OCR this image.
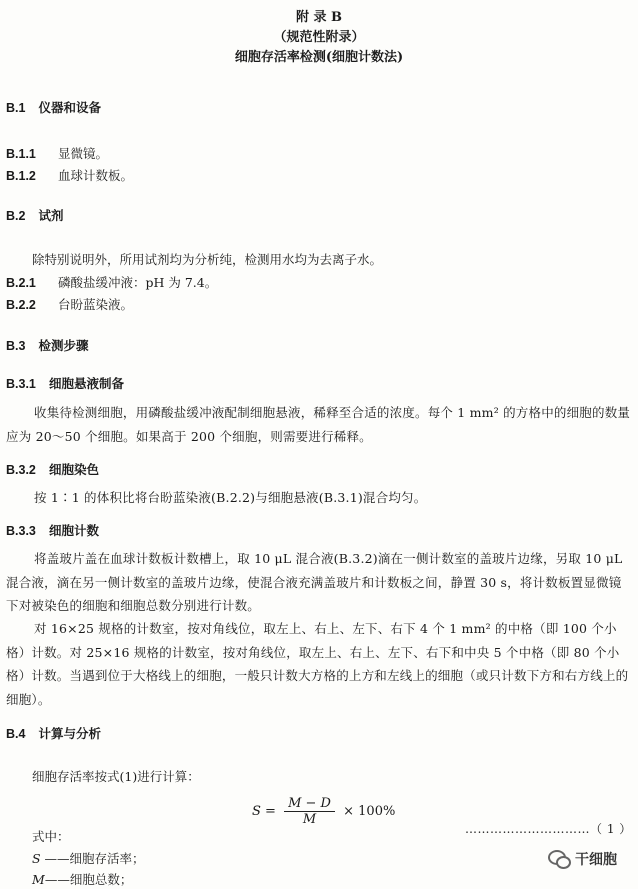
附 录 B
（规范性附录）
细胞存活率检测(细胞计数法)
B.1 仪器和设备
B.1.1 显微镜。
B.1.2 血球计数板。
B.2 试剂
除特别说明外，所用试剂均为分析纯，检测用水均为去离子水。
B.2.1 磷酸盐缓冲液：pH 为 7.4。
B.2.2 台盼蓝染液。
B.3 检测步骤
B.3.1 细胞悬液制备
收集待检测细胞，用磷酸盐缓冲液配制细胞悬液，稀释至合适的浓度。每个 1 mm² 的方格中的细胞的数量应为 20～50 个细胞。如果高于 200 个细胞，则需要进行稀释。
B.3.2 细胞染色
按 1∶1 的体积比将台盼蓝染液(B.2.2)与细胞悬液(B.3.1)混合均匀。
B.3.3 细胞计数
将盖玻片盖在血球计数板计数槽上，取 10 μL 混合液(B.3.2)滴在一侧计数室的盖玻片边缘，另取 10 μL 混合液，滴在另一侧计数室的盖玻片边缘，使混合液充满盖玻片和计数板之间，静置 30 s，将计数板置显微镜下对被染色的细胞和细胞总数分别进行计数。
对 16×25 规格的计数室，按对角线位，取左上、右上、左下、右下 4 个 1 mm² 的中格（即 100 个小格）计数。对 25×16 规格的计数室，按对角线位，取左上、右上、左下、右下和中央 5 个中格（即 80 个小格）计数。当遇到位于大格线上的细胞，一般只计数大方格的上方和左线上的细胞（或只计数下方和右方线上的细胞）。
B.4 计算与分析
细胞存活率按式(1)进行计算：
$S = \frac{M - D}{M} \times 100\%$
…………………………（ 1 ）
式中：
S ——细胞存活率；
M——细胞总数；
干细胞
